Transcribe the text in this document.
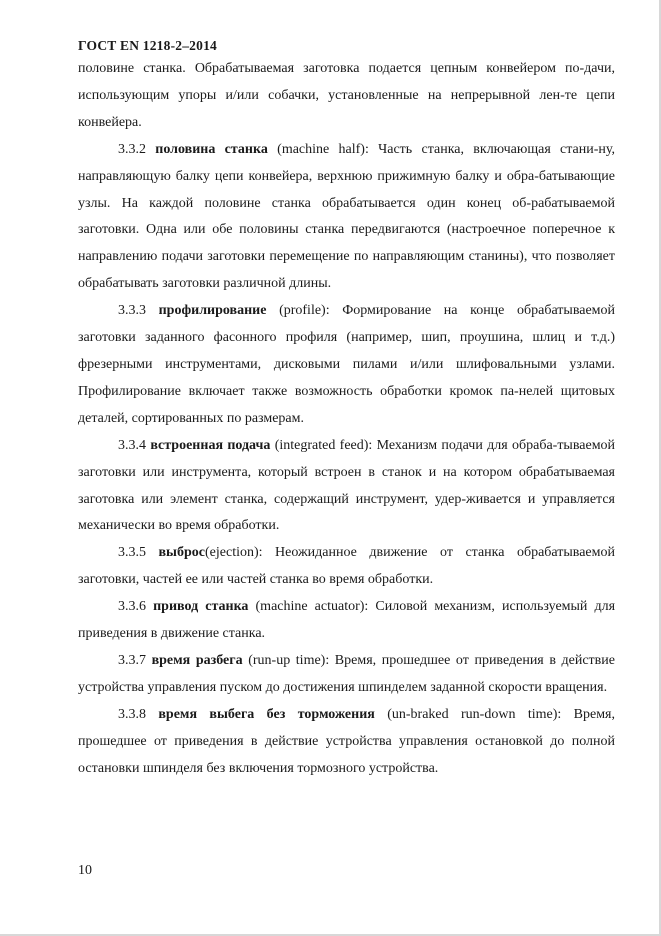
ГОСТ EN 1218-2–2014

половине станка. Обрабатываемая заготовка подается цепным конвейером по-дачи, использующим упоры и/или собачки, установленные на непрерывной лен-те цепи конвейера.

3.3.2 половина станка (machine half): Часть станка, включающая стани-ну, направляющую балку цепи конвейера, верхнюю прижимную балку и обра-батывающие узлы. На каждой половине станка обрабатывается один конец об-рабатываемой заготовки. Одна или обе половины станка передвигаются (настроечное поперечное к направлению подачи заготовки перемещение по направляющим станины), что позволяет обрабатывать заготовки различной длины.

3.3.3 профилирование (profile): Формирование на конце обрабатываемой заготовки заданного фасонного профиля (например, шип, проушина, шлиц и т.д.) фрезерными инструментами, дисковыми пилами и/или шлифовальными узлами. Профилирование включает также возможность обработки кромок па-нелей щитовых деталей, сортированных по размерам.

3.3.4 встроенная подача (integrated feed): Механизм подачи для обраба-тываемой заготовки или инструмента, который встроен в станок и на котором обрабатываемая заготовка или элемент станка, содержащий инструмент, удер-живается и управляется механически во время обработки.

3.3.5 выброс(ejection): Неожиданное движение от станка обрабатываемой заготовки, частей ее или частей станка во время обработки.

3.3.6 привод станка (machine actuator): Силовой механизм, используемый для приведения в движение станка.

3.3.7 время разбега (run-up time): Время, прошедшее от приведения в действие устройства управления пуском до достижения шпинделем заданной скорости вращения.

3.3.8 время выбега без торможения (un-braked run-down time): Время, прошедшее от приведения в действие устройства управления остановкой до полной остановки шпинделя без включения тормозного устройства.

10
